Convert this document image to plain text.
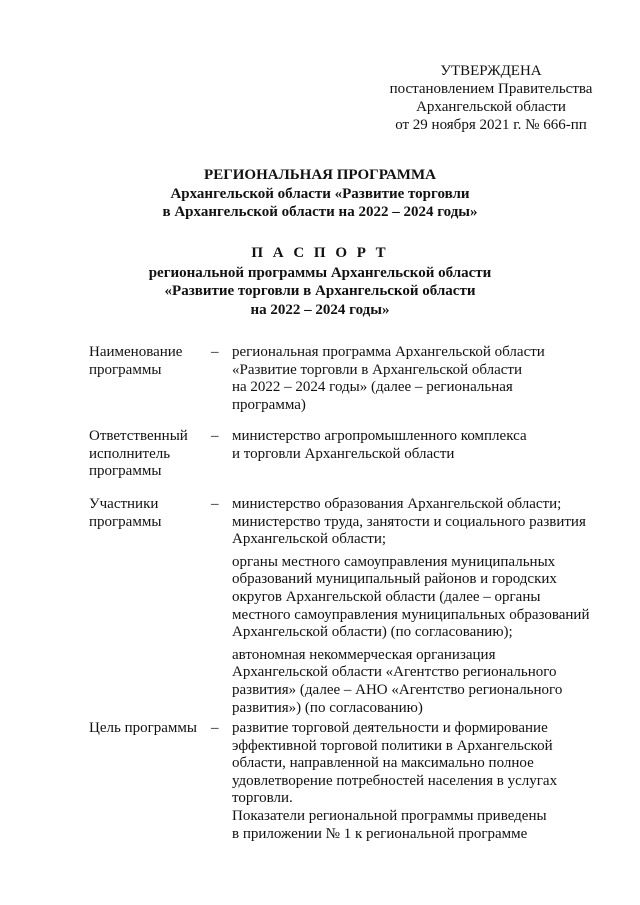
УТВЕРЖДЕНА
постановлением Правительства
Архангельской области
от 29 ноября 2021 г. № 666-пп
РЕГИОНАЛЬНАЯ ПРОГРАММА
Архангельской области «Развитие торговли
в Архангельской области на 2022 – 2024 годы»
П А С П О Р Т
региональной программы Архангельской области
«Развитие торговли в Архангельской области
на 2022 – 2024 годы»
Наименование
программы
– региональная программа Архангельской области
«Развитие торговли в Архангельской области
на 2022 – 2024 годы» (далее – региональная
программа)

Ответственный
исполнитель
программы
– министерство агропромышленного комплекса
и торговли Архангельской области

Участники
программы
– министерство образования Архангельской области;
министерство труда, занятости и социального развития
Архангельской области;

органы местного самоуправления муниципальных
образований муниципальный районов и городских
округов Архангельской области (далее – органы
местного самоуправления муниципальных образований
Архангельской области) (по согласованию);

автономная некоммерческая организация
Архангельской области «Агентство регионального
развития» (далее – АНО «Агентство регионального
развития») (по согласованию)

Цель программы – развитие торговой деятельности и формирование
эффективной торговой политики в Архангельской
области, направленной на максимально полное
удовлетворение потребностей населения в услугах
торговли.

Показатели региональной программы приведены
в приложении № 1 к региональной программе
